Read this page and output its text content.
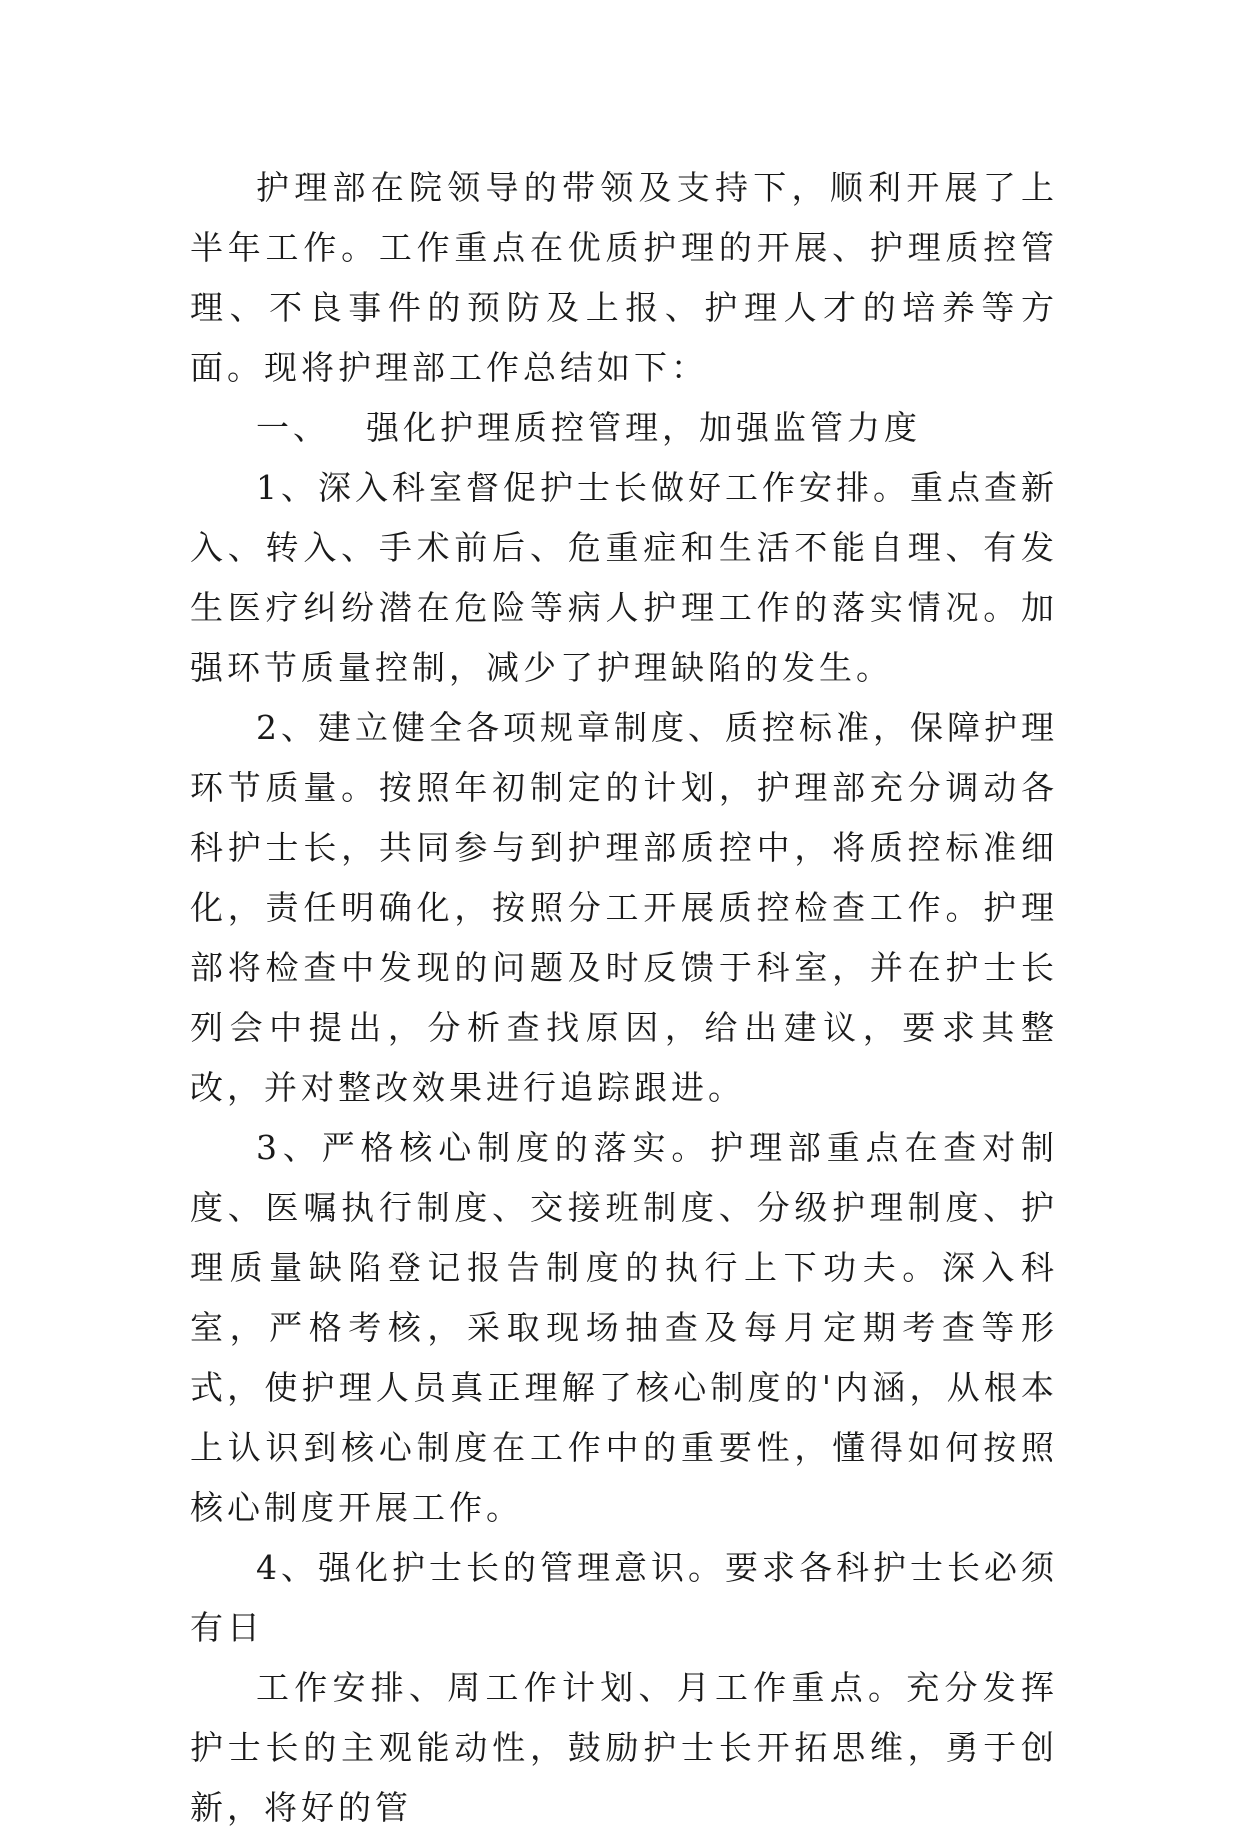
护理部在院领导的带领及支持下，顺利开展了上半年工作。工作重点在优质护理的开展、护理质控管理、不良事件的预防及上报、护理人才的培养等方面。现将护理部工作总结如下：

一、 强化护理质控管理，加强监管力度

1、深入科室督促护士长做好工作安排。重点查新入、转入、手术前后、危重症和生活不能自理、有发生医疗纠纷潜在危险等病人护理工作的落实情况。加强环节质量控制，减少了护理缺陷的发生。

2、建立健全各项规章制度、质控标准，保障护理环节质量。按照年初制定的计划，护理部充分调动各科护士长，共同参与到护理部质控中，将质控标准细化，责任明确化，按照分工开展质控检查工作。护理部将检查中发现的问题及时反馈于科室，并在护士长列会中提出，分析查找原因，给出建议，要求其整改，并对整改效果进行追踪跟进。

3、严格核心制度的落实。护理部重点在查对制度、医嘱执行制度、交接班制度、分级护理制度、护理质量缺陷登记报告制度的执行上下功夫。深入科室，严格考核，采取现场抽查及每月定期考查等形式，使护理人员真正理解了核心制度的'内涵，从根本上认识到核心制度在工作中的重要性，懂得如何按照核心制度开展工作。

4、强化护士长的管理意识。要求各科护士长必须有日

工作安排、周工作计划、月工作重点。充分发挥护士长的主观能动性，鼓励护士长开拓思维，勇于创新，将好的管
